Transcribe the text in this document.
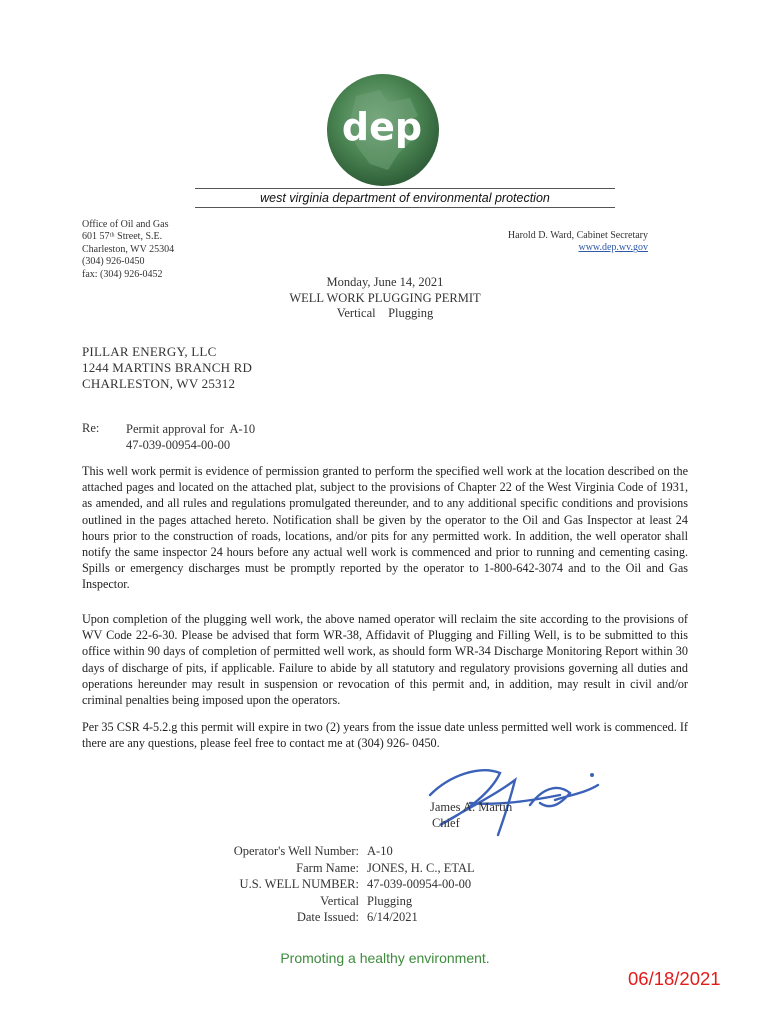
dep
west virginia department of environmental protection
Office of Oil and Gas
601 57ᵗʰ Street, S.E.
Charleston, WV 25304
(304) 926-0450
fax: (304) 926-0452
Harold D. Ward, Cabinet Secretary
www.dep.wv.gov
Monday, June 14, 2021
WELL WORK PLUGGING PERMIT
Vertical    Plugging
PILLAR ENERGY, LLC
1244 MARTINS BRANCH RD
CHARLESTON, WV 25312
Re: Permit approval for  A-10
47-039-00954-00-00
This well work permit is evidence of permission granted to perform the specified well work at the location described on the attached pages and located on the attached plat, subject to the provisions of Chapter 22 of the West Virginia Code of 1931, as amended, and all rules and regulations promulgated thereunder, and to any additional specific conditions and provisions outlined in the pages attached hereto. Notification shall be given by the operator to the Oil and Gas Inspector at least 24 hours prior to the construction of roads, locations, and/or pits for any permitted work. In addition, the well operator shall notify the same inspector 24 hours before any actual well work is commenced and prior to running and cementing casing. Spills or emergency discharges must be promptly reported by the operator to 1-800-642-3074 and to the Oil and Gas Inspector.
Upon completion of the plugging well work, the above named operator will reclaim the site according to the provisions of WV Code 22-6-30. Please be advised that form WR-38, Affidavit of Plugging and Filling Well, is to be submitted to this office within 90 days of completion of permitted well work, as should form WR-34 Discharge Monitoring Report within 30 days of discharge of pits, if applicable. Failure to abide by all statutory and regulatory provisions governing all duties and operations hereunder may result in suspension or revocation of this permit and, in addition, may result in civil and/or criminal penalties being imposed upon the operators.
Per 35 CSR 4-5.2.g this permit will expire in two (2) years from the issue date unless permitted well work is commenced. If there are any questions, please feel free to contact me at (304) 926- 0450.
James A. Martin
Chief
Operator's Well Number: A-10
Farm Name: JONES, H. C., ETAL
U.S. WELL NUMBER: 47-039-00954-00-00
Vertical Plugging
Date Issued: 6/14/2021
Promoting a healthy environment.
06/18/2021
